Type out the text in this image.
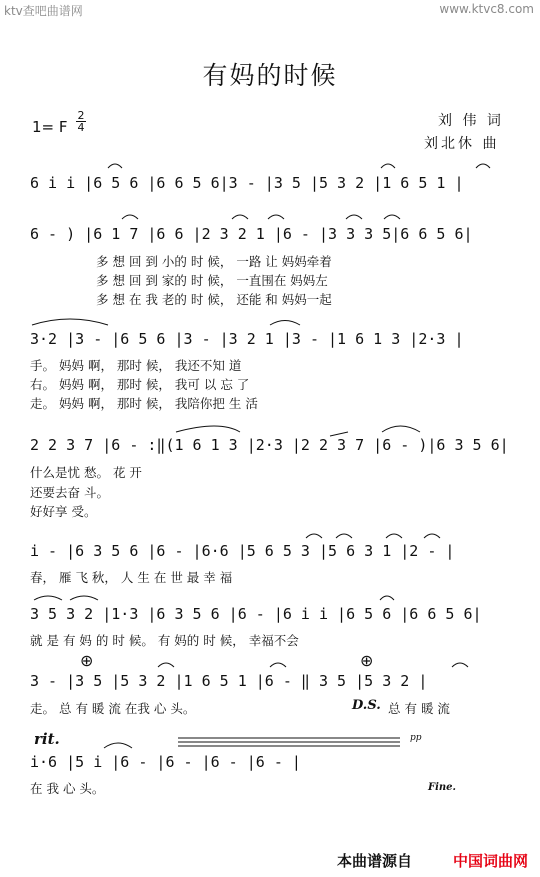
ktv查吧曲谱网	www.ktvc8.com
有妈的时候
1= F
2
4	刘 伟 词
刘北休 曲
6 i i |6 5 6 |6 6 5 6|3 - |3 5 |5 3 2 |1 6 5 1 |
6 - ) |6 1 7 |6 6 |2 3 2 1 |6 - |3 3 3 5|6 6 5 6|
多 想 回 到 小的 时 候， 一路 让 妈妈牵着
多 想 回 到 家的 时 候， 一直围在 妈妈左
多 想 在 我 老的 时 候， 还能 和 妈妈一起
3·2 |3 - |6 5 6 |3 - |3 2 1 |3 - |1 6 1 3 |2·3 |
手。 妈妈 啊， 那时 候， 我还不知 道
右。 妈妈 啊， 那时 候， 我可 以 忘 了
走。 妈妈 啊， 那时 候， 我陪你把 生 活
2 2 3 7 |6 - :‖(1 6 1 3 |2·3 |2 2 3 7 |6 - )|6 3 5 6|
什么是忧 愁。 花 开
还要去奋 斗。
好好享 受。
i - |6 3 5 6 |6 - |6·6 |5 6 5 3 |5 6 3 1 |2 - |
春， 雁 飞 秋， 人 生 在 世 最 幸 福
3 5 3 2 |1·3 |6 3 5 6 |6 - |6 i i |6 5 6 |6 6 5 6|
就 是 有 妈 的 时 候。 有 妈的 时 候， 幸福不会
⊕	⊕
3 - |3 5 |5 3 2 |1 6 5 1 |6 - ‖ 3 5 |5 3 2 |
走。 总 有 暖 流 在我 心 头。	D.S. 总 有 暖 流
rit.	pp
i·6 |5 i |6 - |6 - |6 - |6 - |
在 我 心 头。	Fine.
本曲谱源自	中国词曲网
